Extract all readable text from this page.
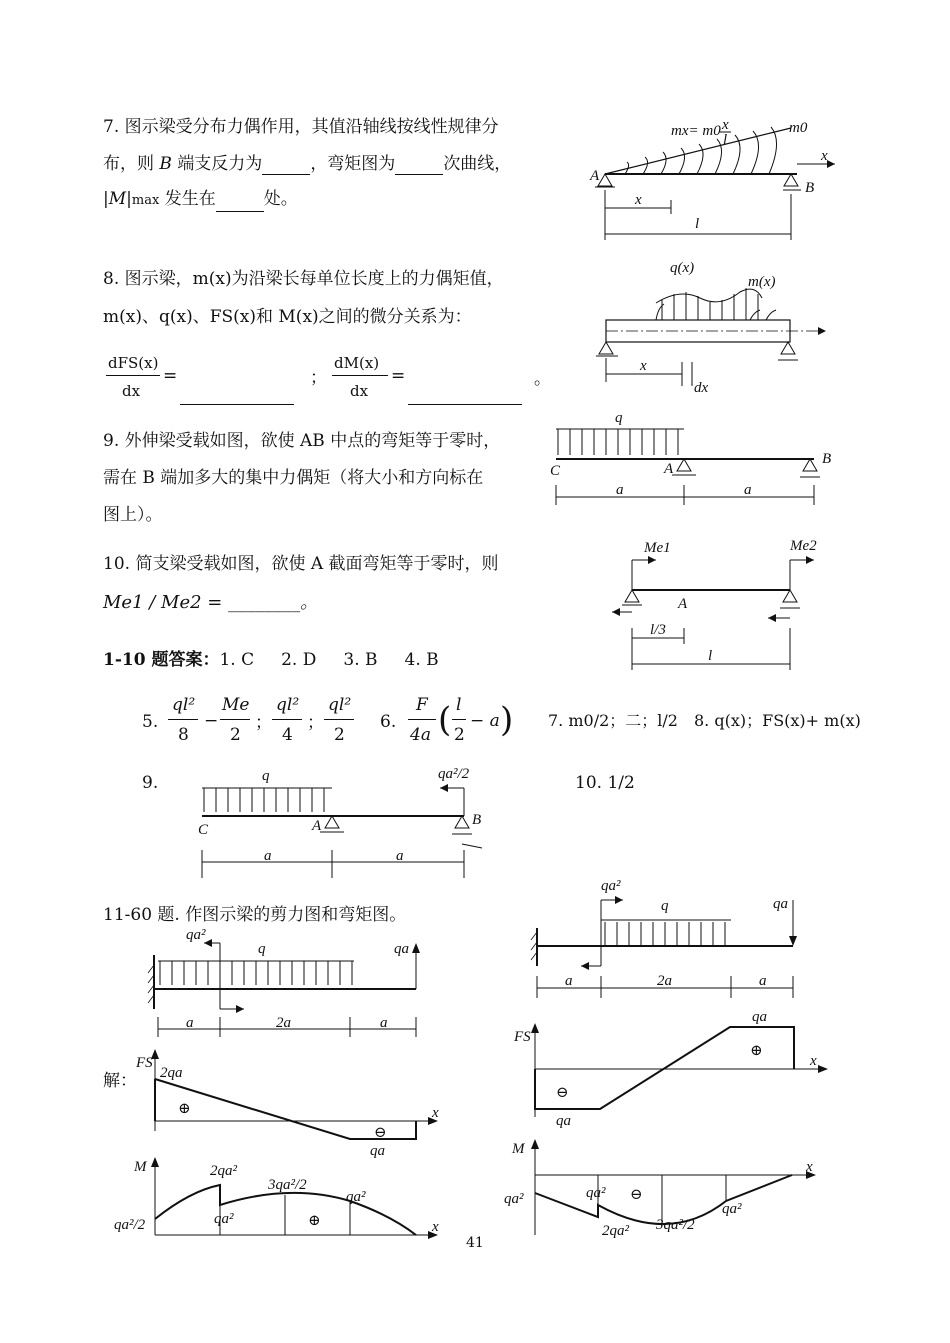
7. 图示梁受分布力偶作用，其值沿轴线按线性规律分
布，则 B 端支反力为	，弯矩图为	次曲线，
|M|max 发生在	处。
mx= m0 x
l
m0
A
B
x
x
l
8. 图示梁，m(x)为沿梁长每单位长度上的力偶矩值，
m(x)、q(x)、FS(x)和 M(x)之间的微分关系为：
dFS(x)
dx
=	；
dM(x)
dx
=	。
q(x)
m(x)
x
dx
9. 外伸梁受载如图，欲使 AB 中点的弯矩等于零时，
需在 B 端加多大的集中力偶矩（将大小和方向标在
图上）。
q
C	A
B
a	a
10. 简支梁受载如图，欲使 A 截面弯矩等于零时，则
Me1 / Me2 = ________。
Me1	Me2
A
l/3
l
1-10 题答案：1. C     2. D     3. B     4. B
5.
ql²
8
−
Me
2
；
ql²
4
；
ql²
2
6.
F
4a ( l
2
− a ) 7. m0/2；二；l/2 8. q(x)；FS(x)+ m(x)
9.	q	qa²/2
C	A	B
a	a
10. 1/2
11-60 题. 作图示梁的剪力图和弯矩图。
解：
qa²
q	qa
a	2a	a
FS
2qa
qa
⊕
⊖
x
M	2qa²
3qa²/2
qa²
qa²
qa²/2	⊕	x
qa²
q	qa
a	2a	a
FS
qa
qa
⊕
⊖
x
M
qa²	qa²
2qa² 3qa²/2
qa²
⊖
x
41
